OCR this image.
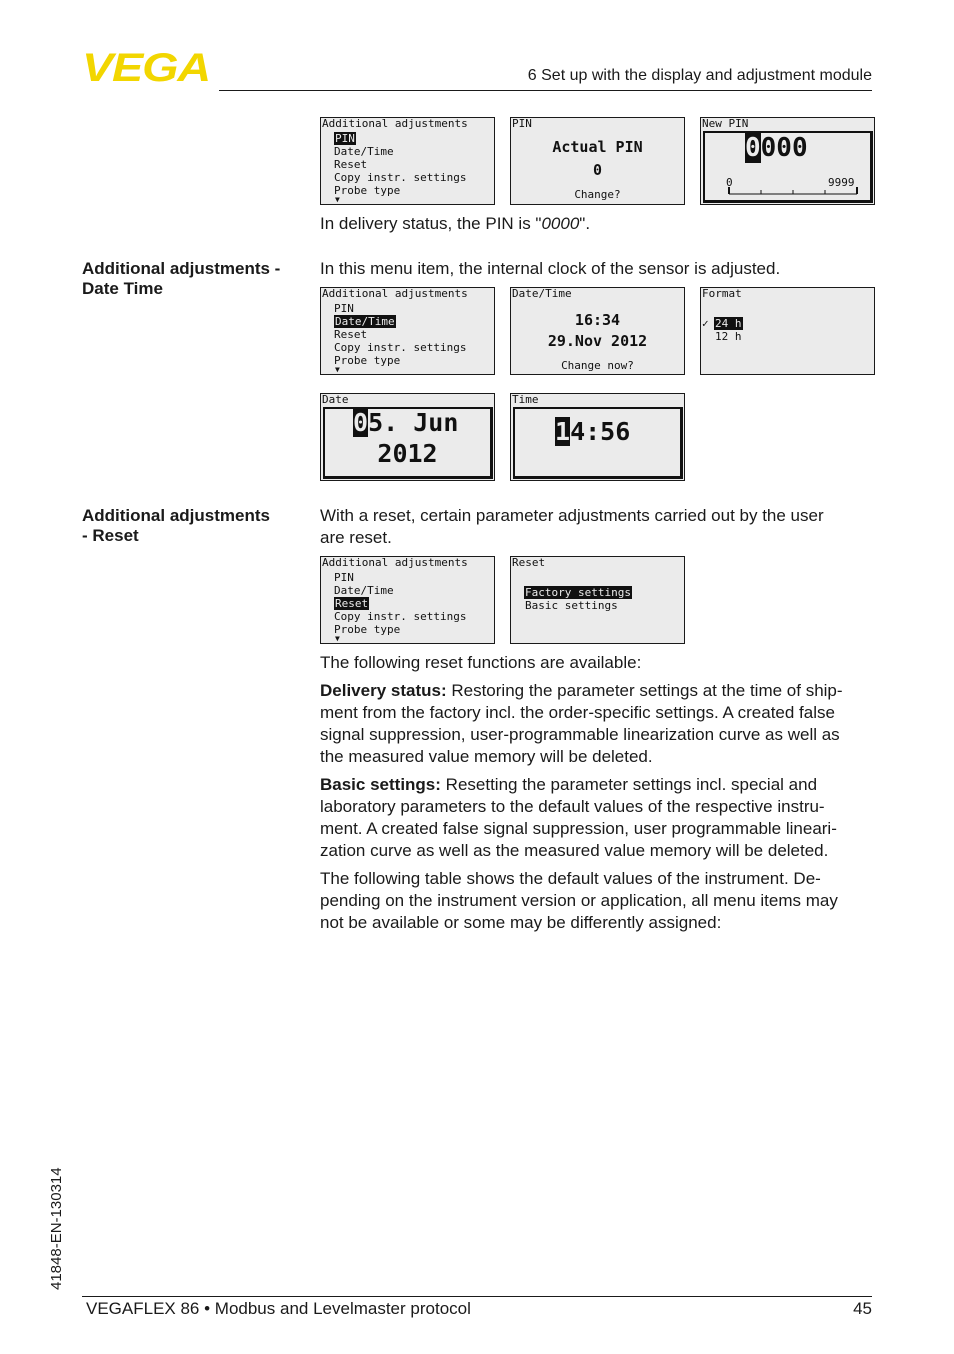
VEGA	6 Set up with the display and adjustment module
Additional adjustments
PIN
Date/Time
Reset
Copy instr. settings
Probe type
▼
PIN
Actual PIN
0
Change?
New PIN
0000
0	9999
In delivery status, the PIN is "0000".
Additional adjustments -
Date Time
In this menu item, the internal clock of the sensor is adjusted.
Additional adjustments
PIN
Date/Time
Reset
Copy instr. settings
Probe type
▼
Date/Time
16:34
29.Nov 2012
Change now?
Format
✓ 24 h
12 h
Date
05. Jun
2012
Time
14:56
Additional adjustments
- Reset

With a reset, certain parameter adjustments carried out by the user

are reset.

Additional adjustments
PIN
Date/Time
Reset
Copy instr. settings
Probe type
▼
Reset
Factory settings
Basic settings
The following reset functions are available:

Delivery status: Restoring the parameter settings at the time of ship-

ment from the factory incl. the order-specific settings. A created false

signal suppression, user-programmable linearization curve as well as

the measured value memory will be deleted.

Basic settings: Resetting the parameter settings incl. special and

laboratory parameters to the default values of the respective instru-

ment. A created false signal suppression, user programmable lineari-

zation curve as well as the measured value memory will be deleted.

The following table shows the default values of the instrument. De-

pending on the instrument version or application, all menu items may

not be available or some may be differently assigned:

41848-EN-130314
VEGAFLEX 86 • Modbus and Levelmaster protocol	45
